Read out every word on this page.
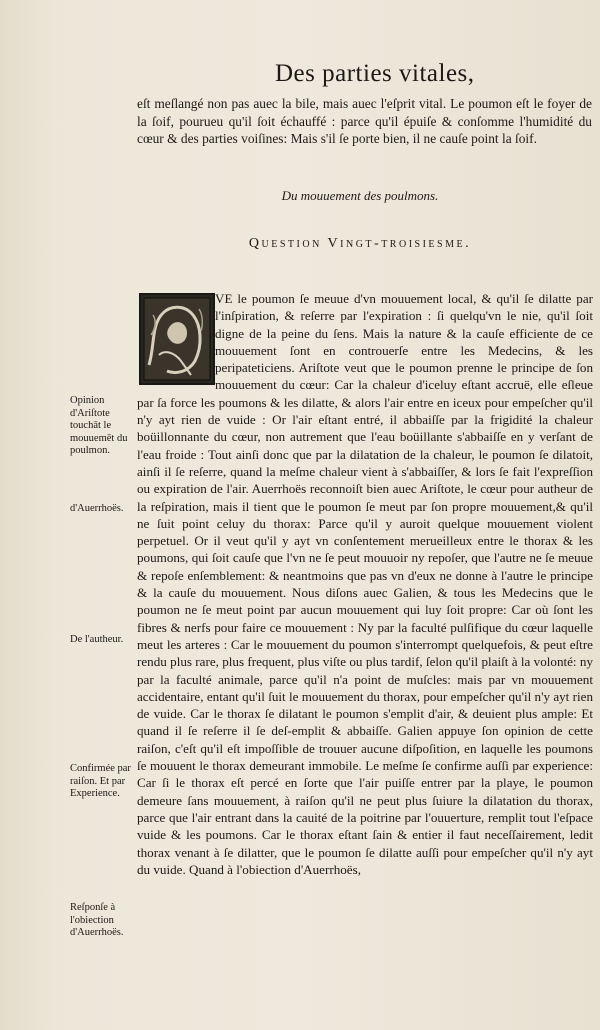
Des parties vitales,
eſt meſlangé non pas auec la bile, mais auec l'eſprit vital. Le poumon eſt le foyer de la ſoif, pourueu qu'il ſoit échauffé : parce qu'il épuiſe & conſomme l'humidité du cœur & des parties voiſines: Mais s'il ſe porte bien, il ne cauſe point la ſoif.
Du mouuement des poulmons.
Question Vingt-troisiesme.
VE le poumon ſe meuue d'vn mouuement local, & qu'il ſe dilatte par l'inſpiration, & reſerre par l'expiration : ſi quelqu'vn le nie, qu'il ſoit digne de la peine du ſens. Mais la nature & la cauſe efficiente de ce mouuement ſont en controuerſe entre les Medecins, & les peripateticiens. Ariſtote veut que le poumon prenne le principe de ſon mouuement du cœur: Car la chaleur d'iceluy eſtant accruë, elle eſleue par ſa force les poumons & les dilatte, & alors l'air entre en iceux pour empeſcher qu'il n'y ayt rien de vuide : Or l'air eſtant entré, il abbaiſſe par la frigidité la chaleur boüillonnante du cœur, non autrement que l'eau boüillante s'abbaiſſe en y verſant de l'eau froide : Tout ainſi donc que par la dilatation de la chaleur, le poumon ſe dilatoit, ainſi il ſe reſerre, quand la meſme chaleur vient à s'abbaiſſer, & lors ſe fait l'expreſſion ou expiration de l'air. Auerrhoës reconnoiſt bien auec Ariſtote, le cœur pour autheur de la reſpiration, mais il tient que le poumon ſe meut par ſon propre mouuement,& qu'il ne ſuit point celuy du thorax: Parce qu'il y auroit quelque mouuement violent perpetuel. Or il veut qu'il y ayt vn conſentement merueilleux entre le thorax & les poumons, qui ſoit cauſe que l'vn ne ſe peut mouuoir ny repoſer, que l'autre ne ſe meuue & repoſe enſemblement: & neantmoins que pas vn d'eux ne donne à l'autre le principe & la cauſe du mouuement. Nous diſons auec Galien, & tous les Medecins que le poumon ne ſe meut point par aucun mouuement qui luy ſoit propre: Car où ſont les fibres & nerfs pour faire ce mouuement : Ny par la faculté pulſifique du cœur laquelle meut les arteres : Car le mouuement du poumon s'interrompt quelquefois, & peut eſtre rendu plus rare, plus frequent, plus viſte ou plus tardif, ſelon qu'il plaiſt à la volonté: ny par la faculté animale, parce qu'il n'a point de muſcles: mais par vn mouuement accidentaire, entant qu'il ſuit le mouuement du thorax, pour empeſcher qu'il n'y ayt rien de vuide. Car le thorax ſe dilatant le poumon s'emplit d'air, & deuient plus ample: Et quand il ſe reſerre il ſe deſ-emplit & abbaiſſe. Galien appuye ſon opinion de cette raiſon, c'eſt qu'il eſt impoſſible de trouuer aucune diſpoſition, en laquelle les poumons ſe mouuent le thorax demeurant immobile. Le meſme ſe confirme auſſi par experience: Car ſi le thorax eſt percé en ſorte que l'air puiſſe entrer par la playe, le poumon demeure ſans mouuement, à raiſon qu'il ne peut plus ſuiure la dilatation du thorax, parce que l'air entrant dans la cauité de la poitrine par l'ouuerture, remplit tout l'eſpace vuide & les poumons. Car le thorax eſtant ſain & entier il faut neceſſairement, ledit thorax venant à ſe dilatter, que le poumon ſe dilatte auſſi pour empeſcher qu'il n'y ayt du vuide. Quand à l'obiection d'Auerrhoës,
Opinion d'Ariſtote touchāt le mouuemēt du poulmon.
d'Auerrhoës.
De l'autheur.
Confirmée par raiſon. Et par Experience.
Reſponſe à l'obiection d'Auerrhoës.
